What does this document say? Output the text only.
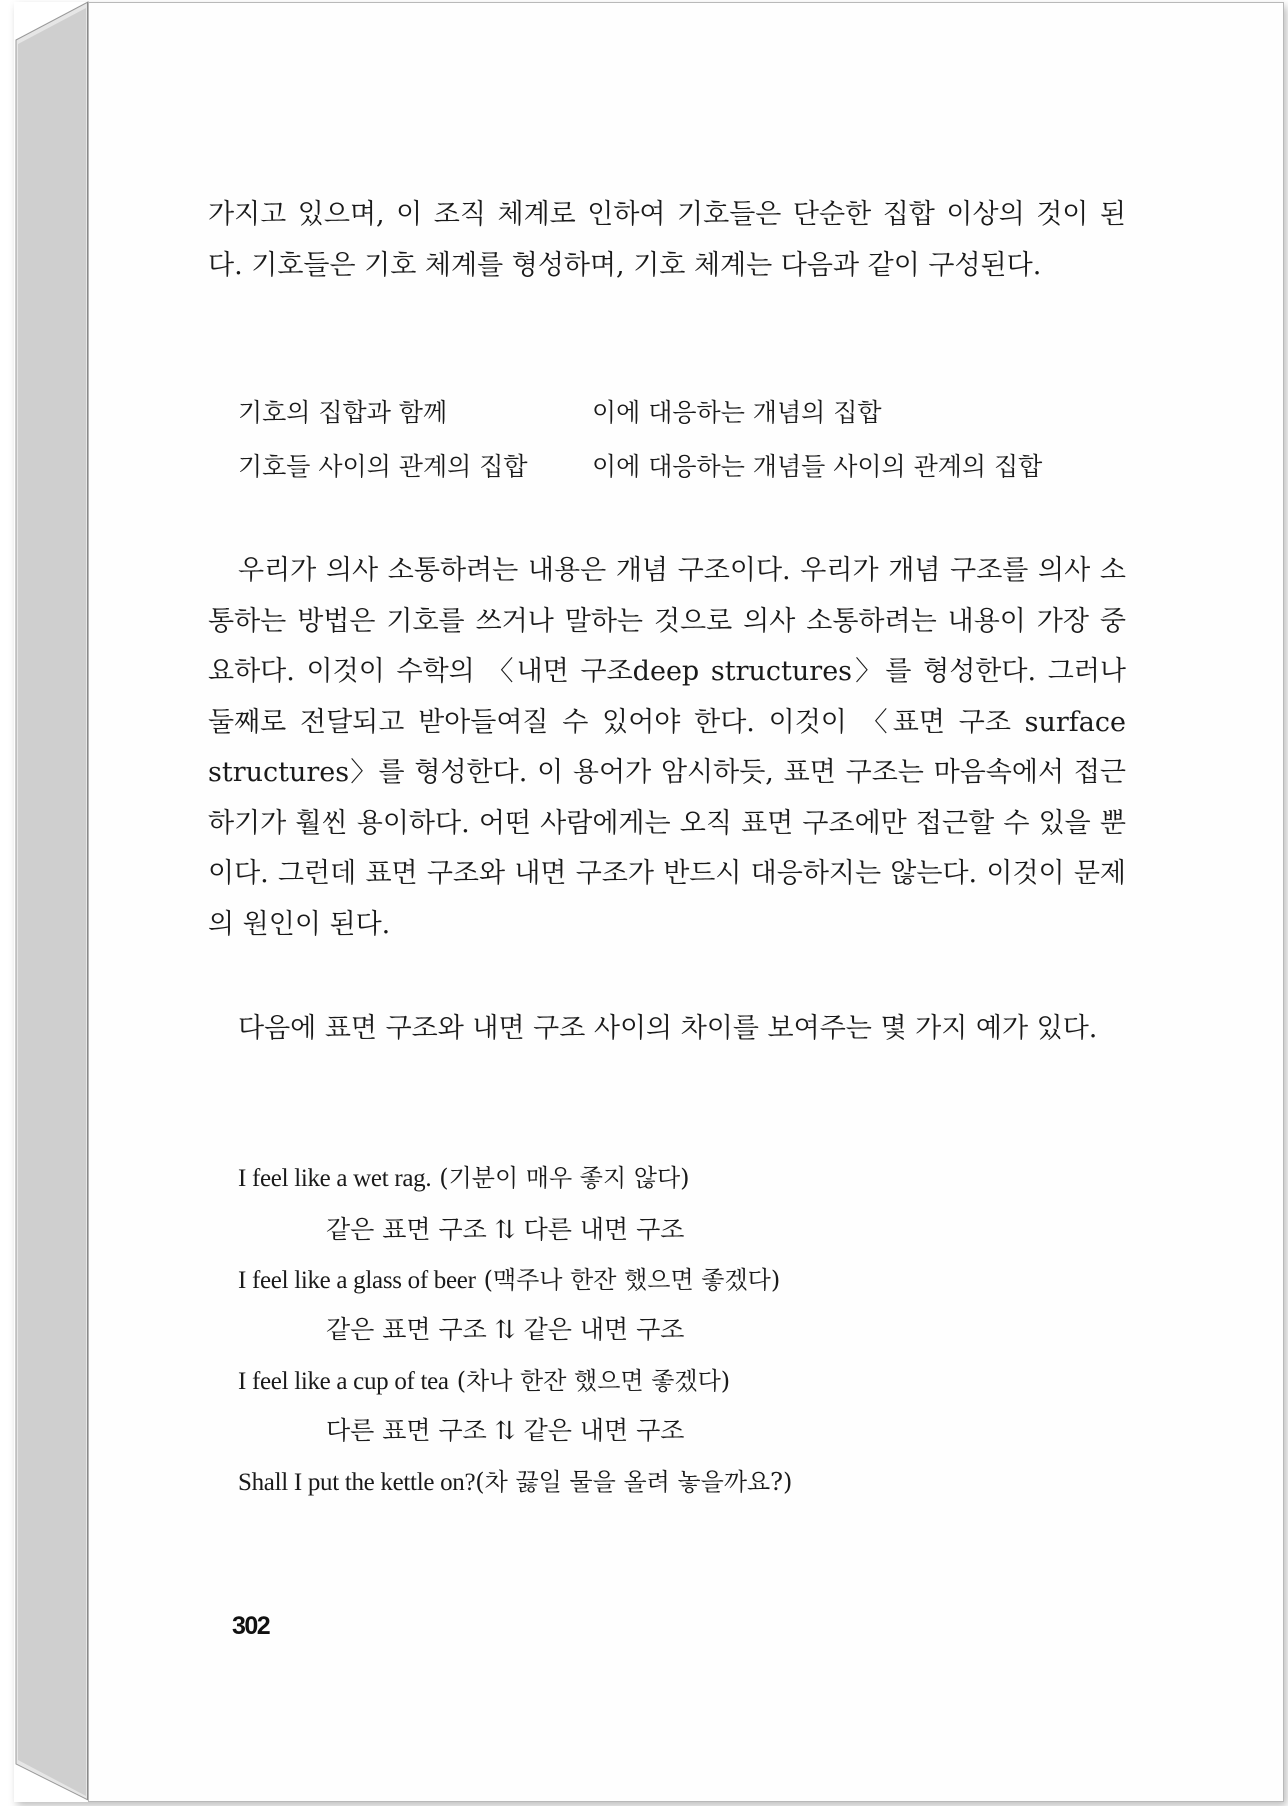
가지고 있으며, 이 조직 체계로 인하여 기호들은 단순한 집합 이상의 것이 된다. 기호들은 기호 체계를 형성하며, 기호 체계는 다음과 같이 구성된다.

기호의 집합과 함께	이에 대응하는 개념의 집합
기호들 사이의 관계의 집합	이에 대응하는 개념들 사이의 관계의 집합

우리가 의사 소통하려는 내용은 개념 구조이다. 우리가 개념 구조를 의사 소통하는 방법은 기호를 쓰거나 말하는 것으로 의사 소통하려는 내용이 가장 중요하다. 이것이 수학의 〈내면 구조deep structures〉를 형성한다. 그러나 둘째로 전달되고 받아들여질 수 있어야 한다. 이것이 〈표면 구조 surface structures〉를 형성한다. 이 용어가 암시하듯, 표면 구조는 마음속에서 접근하기가 훨씬 용이하다. 어떤 사람에게는 오직 표면 구조에만 접근할 수 있을 뿐이다. 그런데 표면 구조와 내면 구조가 반드시 대응하지는 않는다. 이것이 문제의 원인이 된다.

다음에 표면 구조와 내면 구조 사이의 차이를 보여주는 몇 가지 예가 있다.

I feel like a wet rag. (기분이 매우 좋지 않다)
같은 표면 구조 ⇅ 다른 내면 구조
I feel like a glass of beer (맥주나 한잔 했으면 좋겠다)
같은 표면 구조 ⇅ 같은 내면 구조
I feel like a cup of tea (차나 한잔 했으면 좋겠다)
다른 표면 구조 ⇅ 같은 내면 구조
Shall I put the kettle on?(차 끓일 물을 올려 놓을까요?)
302
